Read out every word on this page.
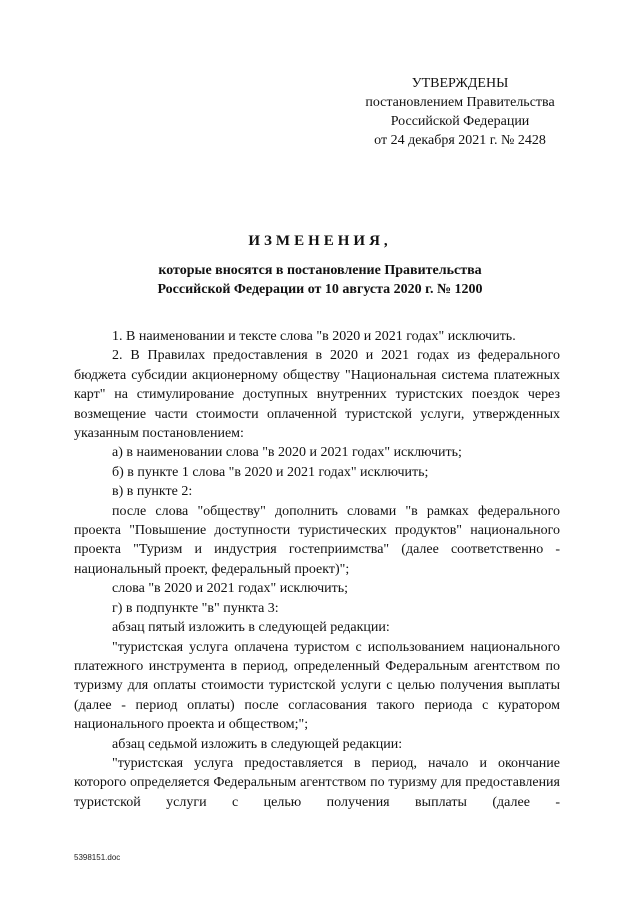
УТВЕРЖДЕНЫ
постановлением Правительства
Российской Федерации
от 24 декабря 2021 г. № 2428
ИЗМЕНЕНИЯ,
которые вносятся в постановление Правительства
Российской Федерации от 10 августа 2020 г. № 1200

1. В наименовании и тексте слова "в 2020 и 2021 годах" исключить.

2. В Правилах предоставления в 2020 и 2021 годах из федерального бюджета субсидии акционерному обществу "Национальная система платежных карт" на стимулирование доступных внутренних туристских поездок через возмещение части стоимости оплаченной туристской услуги, утвержденных указанным постановлением:

а) в наименовании слова "в 2020 и 2021 годах" исключить;

б) в пункте 1 слова "в 2020 и 2021 годах" исключить;

в) в пункте 2:

после слова "обществу" дополнить словами "в рамках федерального проекта "Повышение доступности туристических продуктов" национального проекта "Туризм и индустрия гостеприимства" (далее соответственно - национальный проект, федеральный проект)";

слова "в 2020 и 2021 годах" исключить;

г) в подпункте "в" пункта 3:

абзац пятый изложить в следующей редакции:

"туристская услуга оплачена туристом с использованием национального платежного инструмента в период, определенный Федеральным агентством по туризму для оплаты стоимости туристской услуги с целью получения выплаты (далее - период оплаты) после согласования такого периода с куратором национального проекта и обществом;";

абзац седьмой изложить в следующей редакции:

"туристская услуга предоставляется в период, начало и окончание которого определяется Федеральным агентством по туризму для предоставления туристской услуги с целью получения выплаты (далее -

5398151.doc
